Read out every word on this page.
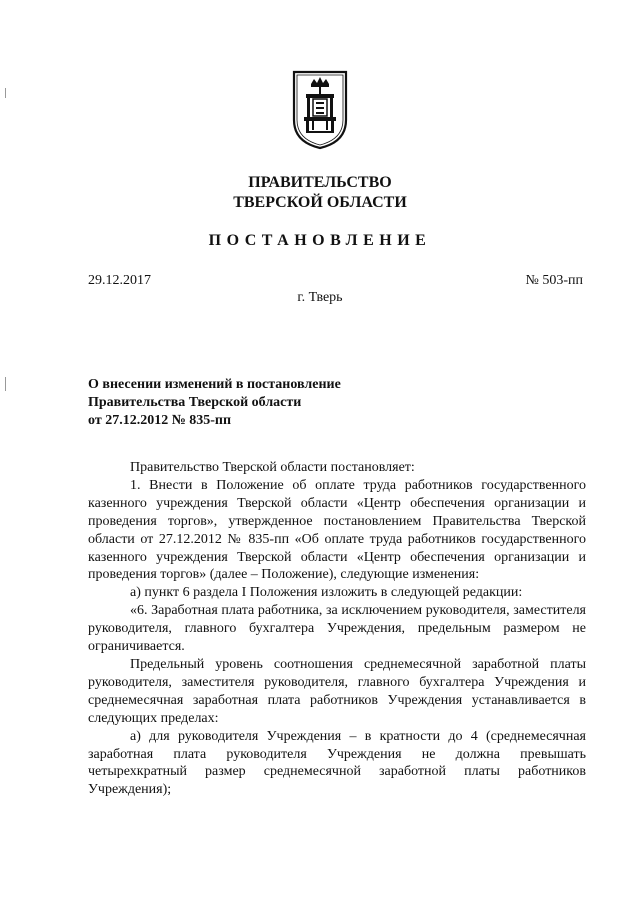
ПРАВИТЕЛЬСТВО
ТВЕРСКОЙ ОБЛАСТИ
ПОСТАНОВЛЕНИЕ
29.12.2017	№ 503-пп
г. Тверь
О внесении изменений в постановление
Правительства Тверской области
от 27.12.2012 № 835-пп

Правительство Тверской области постановляет:

1. Внести в Положение об оплате труда работников государственного казенного учреждения Тверской области «Центр обеспечения организации и проведения торгов», утвержденное постановлением Правительства Тверской области от 27.12.2012 № 835-пп «Об оплате труда работников государственного казенного учреждения Тверской области «Центр обеспечения организации и проведения торгов» (далее – Положение), следующие изменения:

а) пункт 6 раздела I Положения изложить в следующей редакции:

«6. Заработная плата работника, за исключением руководителя, заместителя руководителя, главного бухгалтера Учреждения, предельным размером не ограничивается.

Предельный уровень соотношения среднемесячной заработной платы руководителя, заместителя руководителя, главного бухгалтера Учреждения и среднемесячная заработная плата работников Учреждения устанавливается в следующих пределах:

а) для руководителя Учреждения – в кратности до 4 (среднемесячная заработная плата руководителя Учреждения не должна превышать четырехкратный размер среднемесячной заработной платы работников Учреждения);
